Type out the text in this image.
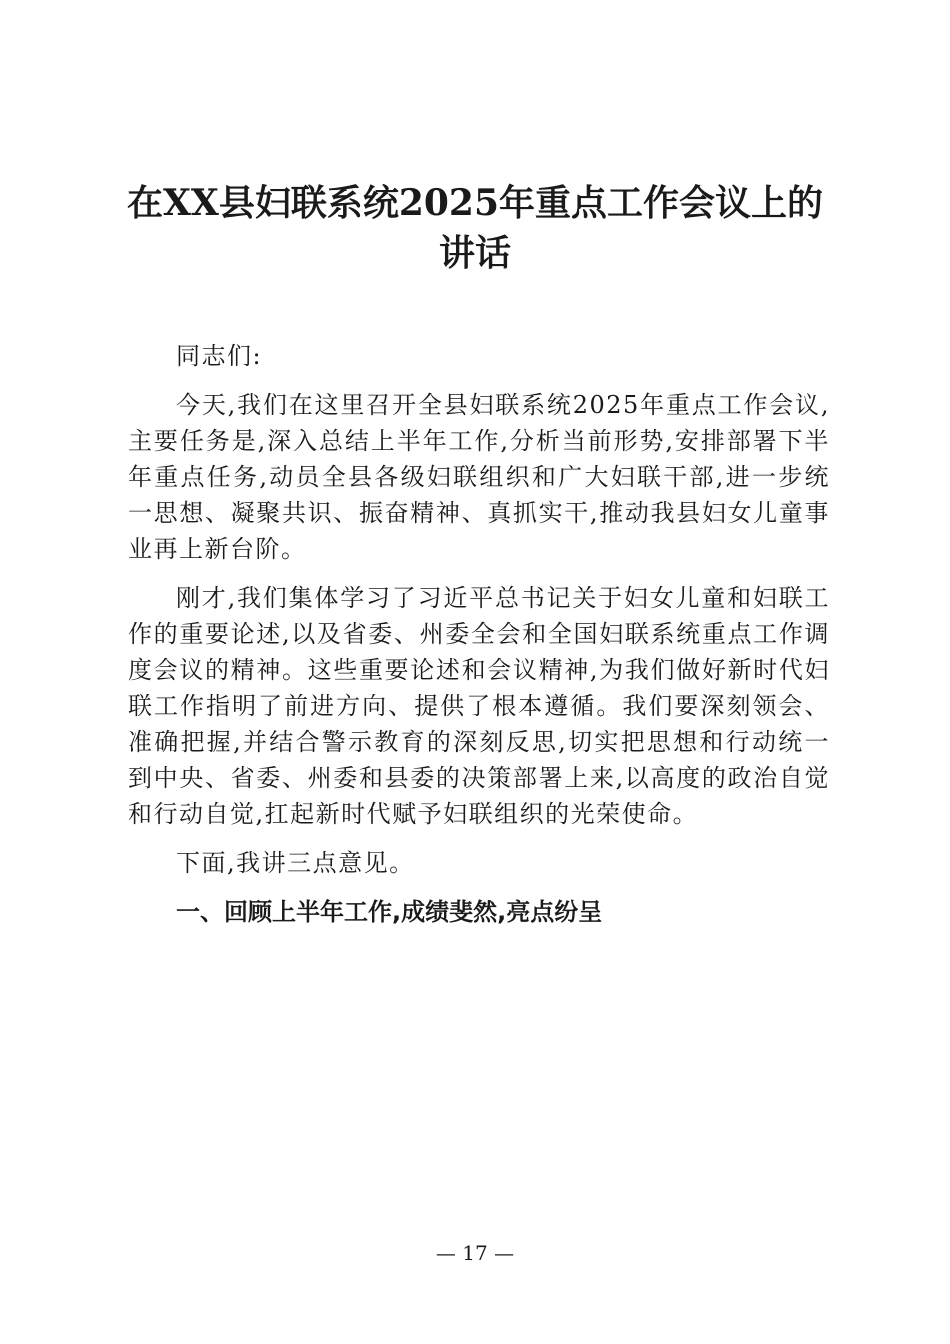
在XX县妇联系统2025年重点工作会议上的
讲话

同志们:

今天,我们在这里召开全县妇联系统2025年重点工作会议,主要任务是,深入总结上半年工作,分析当前形势,安排部署下半年重点任务,动员全县各级妇联组织和广大妇联干部,进一步统一思想、凝聚共识、振奋精神、真抓实干,推动我县妇女儿童事业再上新台阶。

刚才,我们集体学习了习近平总书记关于妇女儿童和妇联工作的重要论述,以及省委、州委全会和全国妇联系统重点工作调度会议的精神。这些重要论述和会议精神,为我们做好新时代妇联工作指明了前进方向、提供了根本遵循。我们要深刻领会、准确把握,并结合警示教育的深刻反思,切实把思想和行动统一到中央、省委、州委和县委的决策部署上来,以高度的政治自觉和行动自觉,扛起新时代赋予妇联组织的光荣使命。

下面,我讲三点意见。

一、回顾上半年工作,成绩斐然,亮点纷呈

— 17 —
